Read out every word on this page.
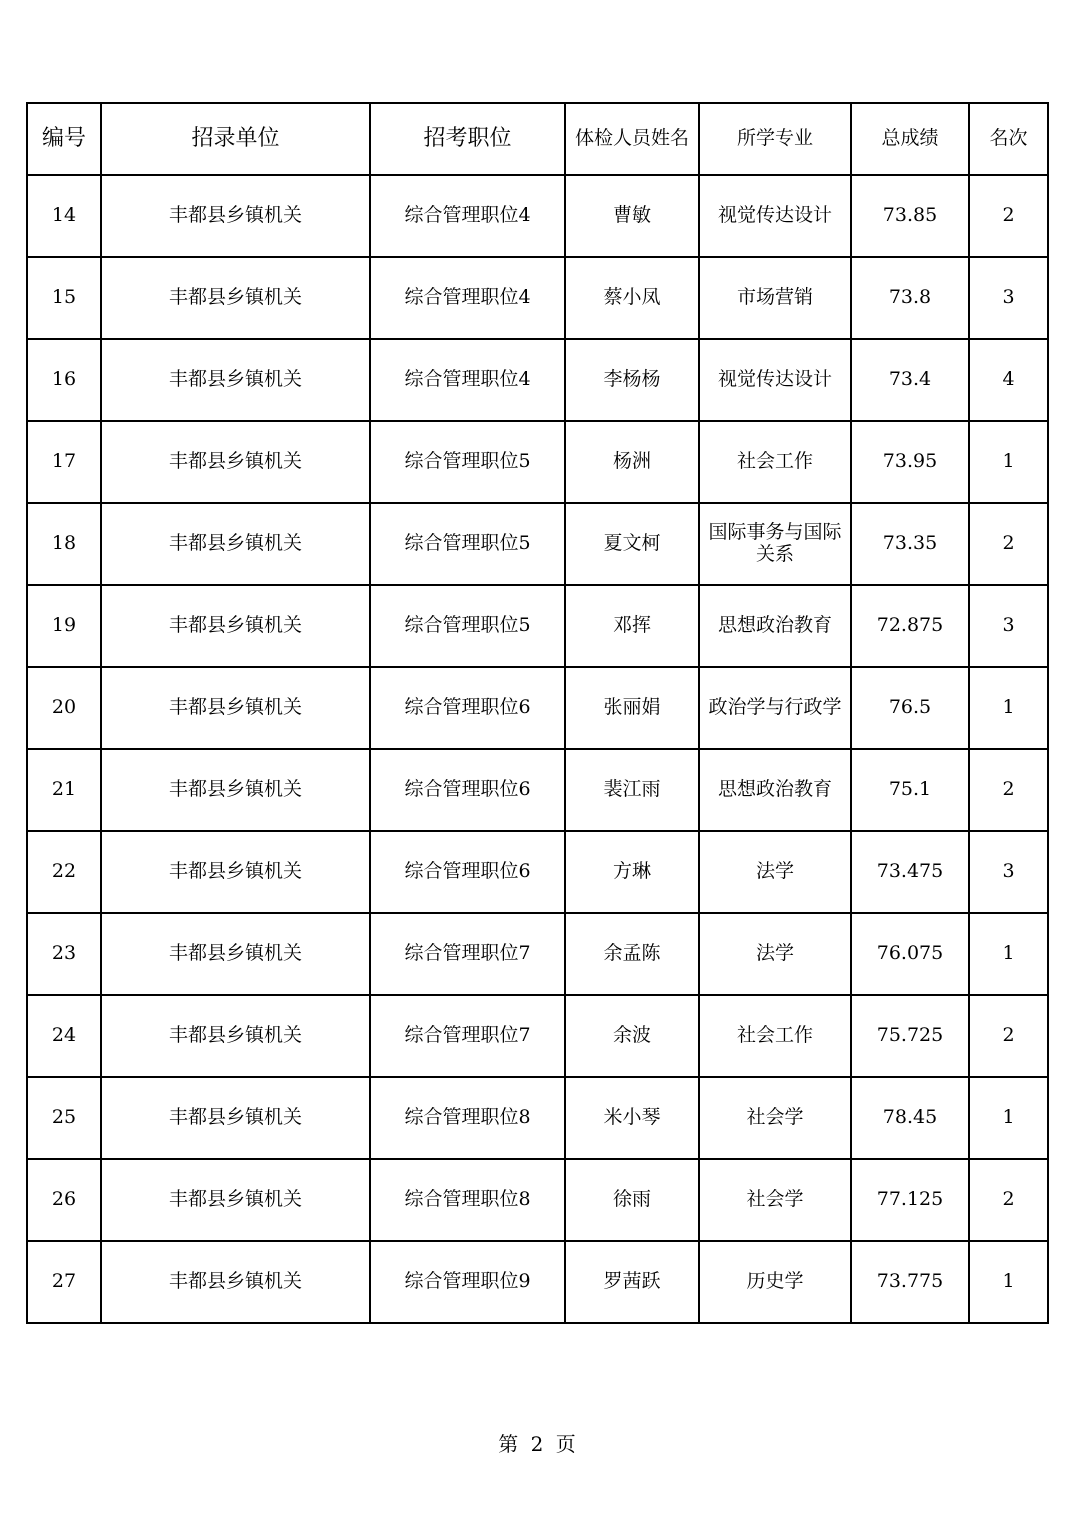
编号	招录单位	招考职位	体检人员姓名	所学专业	总成绩	名次
14	丰都县乡镇机关	综合管理职位4	曹敏	视觉传达设计	73.85	2
15	丰都县乡镇机关	综合管理职位4	蔡小凤	市场营销	73.8	3
16	丰都县乡镇机关	综合管理职位4	李杨杨	视觉传达设计	73.4	4
17	丰都县乡镇机关	综合管理职位5	杨洲	社会工作	73.95	1
18	丰都县乡镇机关	综合管理职位5	夏文柯	国际事务与国际关系	73.35	2
19	丰都县乡镇机关	综合管理职位5	邓挥	思想政治教育	72.875	3
20	丰都县乡镇机关	综合管理职位6	张丽娟	政治学与行政学	76.5	1
21	丰都县乡镇机关	综合管理职位6	裴江雨	思想政治教育	75.1	2
22	丰都县乡镇机关	综合管理职位6	方琳	法学	73.475	3
23	丰都县乡镇机关	综合管理职位7	余孟陈	法学	76.075	1
24	丰都县乡镇机关	综合管理职位7	余波	社会工作	75.725	2
25	丰都县乡镇机关	综合管理职位8	米小琴	社会学	78.45	1
26	丰都县乡镇机关	综合管理职位8	徐雨	社会学	77.125	2
27	丰都县乡镇机关	综合管理职位9	罗茜跃	历史学	73.775	1
第 2 页
